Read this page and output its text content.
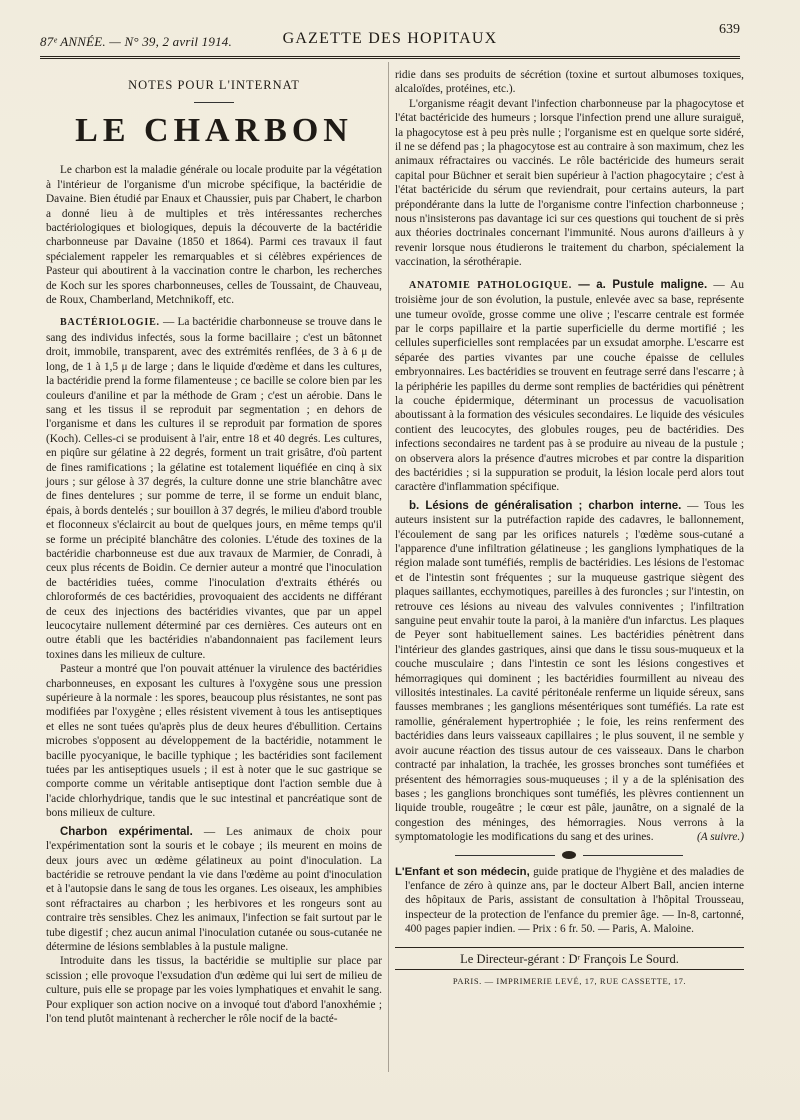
87ᵉ ANNÉE. — N° 39, 2 avril 1914.	GAZETTE DES HOPITAUX
639
NOTES POUR L'INTERNAT
LE CHARBON

Le charbon est la maladie générale ou locale produite par la végétation à l'intérieur de l'organisme d'un microbe spécifique, la bactéridie de Davaine. Bien étudié par Enaux et Chaussier, puis par Chabert, le charbon a donné lieu à de multiples et très intéressantes recherches bactériologiques et biologiques, depuis la découverte de la bactéridie charbonneuse par Davaine (1850 et 1864). Parmi ces travaux il faut spécialement rappeler les remarquables et si célèbres expériences de Pasteur qui aboutirent à la vaccination contre le charbon, les recherches de Koch sur les spores charbonneuses, celles de Toussaint, de Chauveau, de Roux, Chamberland, Metchnikoff, etc.

BACTÉRIOLOGIE. — La bactéridie charbonneuse se trouve dans le sang des individus infectés, sous la forme bacillaire ; c'est un bâtonnet droit, immobile, transparent, avec des extrémités renflées, de 3 à 6 μ de long, de 1 à 1,5 μ de large ; dans le liquide d'œdème et dans les cultures, la bactéridie prend la forme filamenteuse ; ce bacille se colore bien par les couleurs d'aniline et par la méthode de Gram ; c'est un aérobie. Dans le sang et les tissus il se reproduit par segmentation ; en dehors de l'organisme et dans les cultures il se reproduit par formation de spores (Koch). Celles-ci se produisent à l'air, entre 18 et 40 degrés. Les cultures, en piqûre sur gélatine à 22 degrés, forment un trait grisâtre, d'où partent de fines ramifications ; la gélatine est totalement liquéfiée en cinq à six jours ; sur gélose à 37 degrés, la culture donne une strie blanchâtre avec de fines dentelures ; sur pomme de terre, il se forme un enduit blanc, épais, à bords dentelés ; sur bouillon à 37 degrés, le milieu d'abord trouble et floconneux s'éclaircit au bout de quelques jours, en même temps qu'il se forme un précipité blanchâtre des colonies. L'étude des toxines de la bactéridie charbonneuse est due aux travaux de Marmier, de Conradi, à ceux plus récents de Boidin. Ce dernier auteur a montré que l'inoculation de bactéridies tuées, comme l'inoculation d'extraits éthérés ou chloroformés de ces bactéridies, provoquaient des accidents ne différant de ceux des injections des bactéridies vivantes, que par un appel leucocytaire nullement déterminé par ces dernières. Ces auteurs ont en outre établi que les bactéridies n'abandonnaient pas facilement leurs toxines dans les milieux de culture.

Pasteur a montré que l'on pouvait atténuer la virulence des bactéridies charbonneuses, en exposant les cultures à l'oxygène sous une pression supérieure à la normale : les spores, beaucoup plus résistantes, ne sont pas modifiées par l'oxygène ; elles résistent vivement à tous les antiseptiques et elles ne sont tuées qu'après plus de deux heures d'ébullition. Certains microbes s'opposent au développement de la bactéridie, notamment le bacille pyocyanique, le bacille typhique ; les bactéridies sont facilement tuées par les antiseptiques usuels ; il est à noter que le suc gastrique se comporte comme un véritable antiseptique dont l'action semble due à l'acide chlorhydrique, tandis que le suc intestinal et pancréatique sont de bons milieux de culture.

Charbon expérimental. — Les animaux de choix pour l'expérimentation sont la souris et le cobaye ; ils meurent en moins de deux jours avec un œdème gélatineux au point d'inoculation. La bactéridie se retrouve pendant la vie dans l'œdème au point d'inoculation et à l'autopsie dans le sang de tous les organes. Les oiseaux, les amphibies sont réfractaires au charbon ; les herbivores et les rongeurs sont au contraire très sensibles. Chez les animaux, l'infection se fait surtout par le tube digestif ; chez aucun animal l'inoculation cutanée ou sous-cutanée ne détermine de lésions semblables à la pustule maligne.

Introduite dans les tissus, la bactéridie se multiplie sur place par scission ; elle provoque l'exsudation d'un œdème qui lui sert de milieu de culture, puis elle se propage par les voies lymphatiques et envahit le sang. Pour expliquer son action nocive on a invoqué tout d'abord l'anoxhémie ; l'on tend plutôt maintenant à rechercher le rôle nocif de la bacté-

ridie dans ses produits de sécrétion (toxine et surtout albumoses toxiques, alcaloïdes, protéines, etc.).

L'organisme réagit devant l'infection charbonneuse par la phagocytose et l'état bactéricide des humeurs ; lorsque l'infection prend une allure suraiguë, la phagocytose est à peu près nulle ; l'organisme est en quelque sorte sidéré, il ne se défend pas ; la phagocytose est au contraire à son maximum, chez les animaux réfractaires ou vaccinés. Le rôle bactéricide des humeurs serait capital pour Büchner et serait bien supérieur à l'action phagocytaire ; c'est à l'état bactéricide du sérum que reviendrait, pour certains auteurs, la part prépondérante dans la lutte de l'organisme contre l'infection charbonneuse ; nous n'insisterons pas davantage ici sur ces questions qui touchent de si près aux théories doctrinales concernant l'immunité. Nous aurons d'ailleurs à y revenir lorsque nous étudierons le traitement du charbon, spécialement la vaccination, la sérothérapie.

ANATOMIE PATHOLOGIQUE. — a. Pustule maligne. — Au troisième jour de son évolution, la pustule, enlevée avec sa base, représente une tumeur ovoïde, grosse comme une olive ; l'escarre centrale est formée par le corps papillaire et la partie superficielle du derme mortifié ; les cellules superficielles sont remplacées par un exsudat amorphe. L'escarre est séparée des parties vivantes par une couche épaisse de cellules embryonnaires. Les bactéridies se trouvent en feutrage serré dans l'escarre ; à la périphérie les papilles du derme sont remplies de bactéridies qui pénètrent la couche épidermique, déterminant un processus de vacuolisation aboutissant à la formation des vésicules secondaires. Le liquide des vésicules contient des leucocytes, des globules rouges, peu de bactéridies. Des infections secondaires ne tardent pas à se produire au niveau de la pustule ; on observera alors la présence d'autres microbes et par contre la disparition des bactéridies ; si la suppuration se produit, la lésion locale perd alors tout caractère d'inflammation spécifique.

b. Lésions de généralisation ; charbon interne. — Tous les auteurs insistent sur la putréfaction rapide des cadavres, le ballonnement, l'écoulement de sang par les orifices naturels ; l'œdème sous-cutané a l'apparence d'une infiltration gélatineuse ; les ganglions lymphatiques de la région malade sont tuméfiés, remplis de bactéridies. Les lésions de l'estomac et de l'intestin sont fréquentes ; sur la muqueuse gastrique siègent des plaques saillantes, ecchymotiques, pareilles à des furoncles ; sur l'intestin, on retrouve ces lésions au niveau des valvules conniventes ; l'infiltration sanguine peut envahir toute la paroi, à la manière d'un infarctus. Les plaques de Peyer sont habituellement saines. Les bactéridies pénètrent dans l'intérieur des glandes gastriques, ainsi que dans le tissu sous-muqueux et la couche musculaire ; dans l'intestin ce sont les lésions congestives et hémorragiques qui dominent ; les bactéridies fourmillent au niveau des villosités intestinales. La cavité péritonéale renferme un liquide séreux, sans fausses membranes ; les ganglions mésentériques sont tuméfiés. La rate est ramollie, généralement hypertrophiée ; le foie, les reins renferment des bactéridies dans leurs vaisseaux capillaires ; le plus souvent, il ne semble y avoir aucune réaction des tissus autour de ces vaisseaux. Dans le charbon contracté par inhalation, la trachée, les grosses bronches sont tuméfiées et présentent des hémorragies sous-muqueuses ; il y a de la splénisation des bases ; les ganglions bronchiques sont tuméfiés, les plèvres contiennent un liquide trouble, rougeâtre ; le cœur est pâle, jaunâtre, on a signalé de la congestion des méninges, des hémorragies. Nous verrons à la symptomatologie les modifications du sang et des urines.	(A suivre.)

L'Enfant et son médecin, guide pratique de l'hygiène et des maladies de l'enfance de zéro à quinze ans, par le docteur Albert Ball, ancien interne des hôpitaux de Paris, assistant de consultation à l'hôpital Trousseau, inspecteur de la protection de l'enfance du premier âge. — In-8, cartonné, 400 pages papier indien. — Prix : 6 fr. 50. — Paris, A. Maloine.

Le Directeur-gérant : Dʳ François Le Sourd.
PARIS. — IMPRIMERIE LEVÉ, 17, RUE CASSETTE, 17.
